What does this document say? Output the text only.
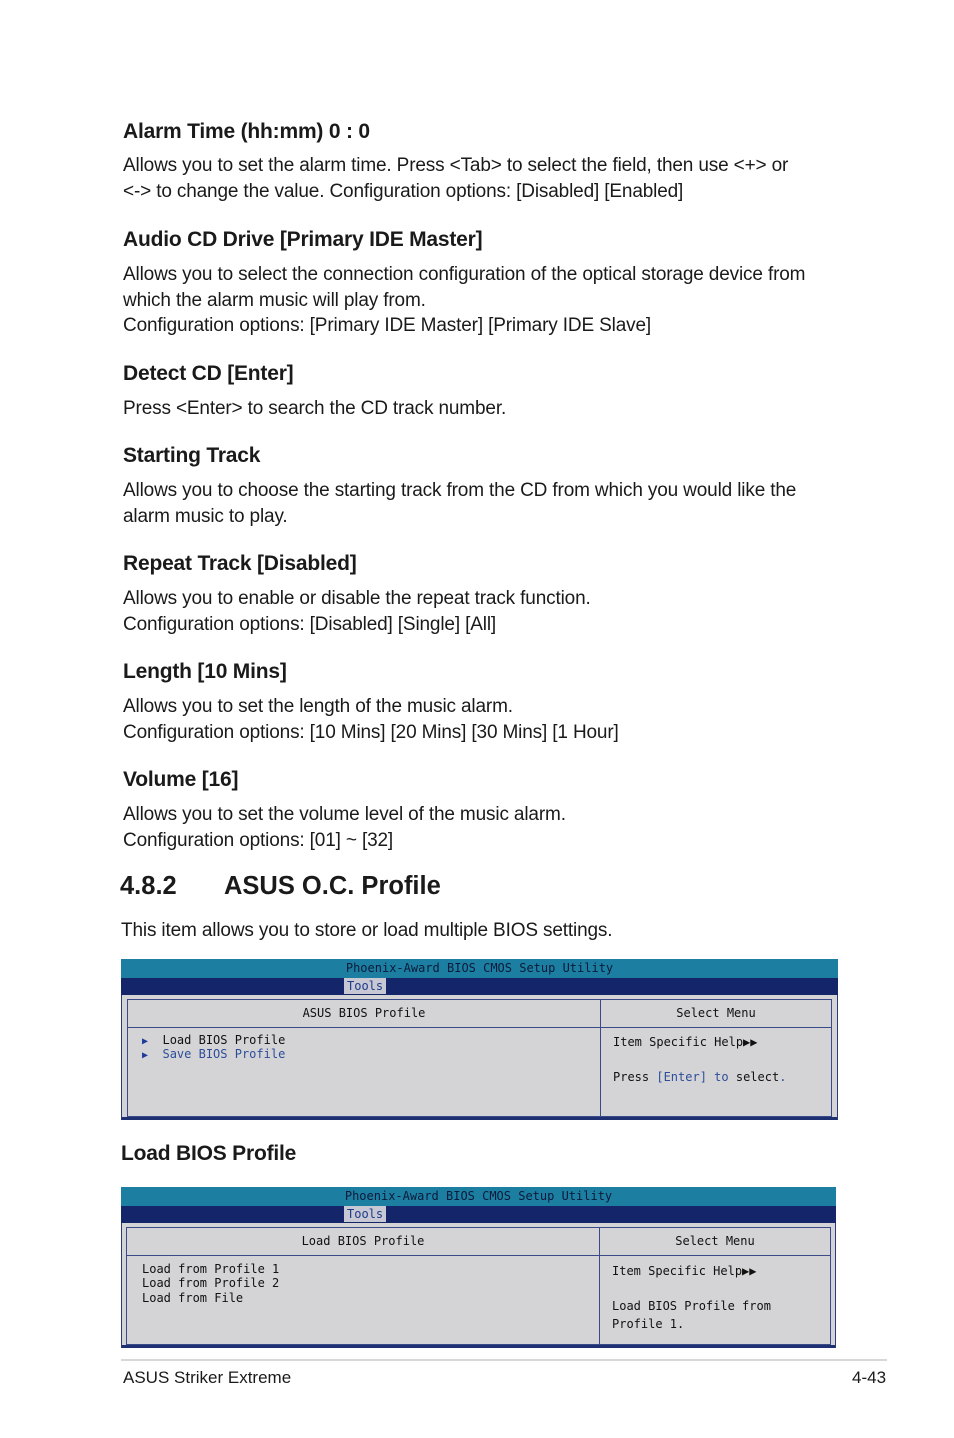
Alarm Time (hh:mm) 0 : 0
Allows you to set the alarm time. Press <Tab> to select the field, then use <+> or
<-> to change the value. Configuration options: [Disabled] [Enabled]
Audio CD Drive [Primary IDE Master]
Allows you to select the connection configuration of the optical storage device from
which the alarm music will play from.
Configuration options: [Primary IDE Master] [Primary IDE Slave]
Detect CD [Enter]
Press <Enter> to search the CD track number.
Starting Track
Allows you to choose the starting track from the CD from which you would like the
alarm music to play.
Repeat Track [Disabled]
Allows you to enable or disable the repeat track function.
Configuration options: [Disabled] [Single] [All]
Length [10 Mins]
Allows you to set the length of the music alarm.
Configuration options: [10 Mins] [20 Mins] [30 Mins] [1 Hour]
Volume [16]
Allows you to set the volume level of the music alarm.
Configuration options: [01] ~ [32]
4.8.2 ASUS O.C. Profile
This item allows you to store or load multiple BIOS settings.
Phoenix-Award BIOS CMOS Setup Utility
Tools
ASUS BIOS Profile
▶ Load BIOS Profile
▶ Save BIOS Profile
Select Menu
Item Specific Help▶▶
Press [Enter] to select.
Load BIOS Profile
Phoenix-Award BIOS CMOS Setup Utility
Tools
Load BIOS Profile
Load from Profile 1
Load from Profile 2
Load from File
Select Menu
Item Specific Help▶▶
Load BIOS Profile from
Profile 1.
ASUS Striker Extreme	4-43
